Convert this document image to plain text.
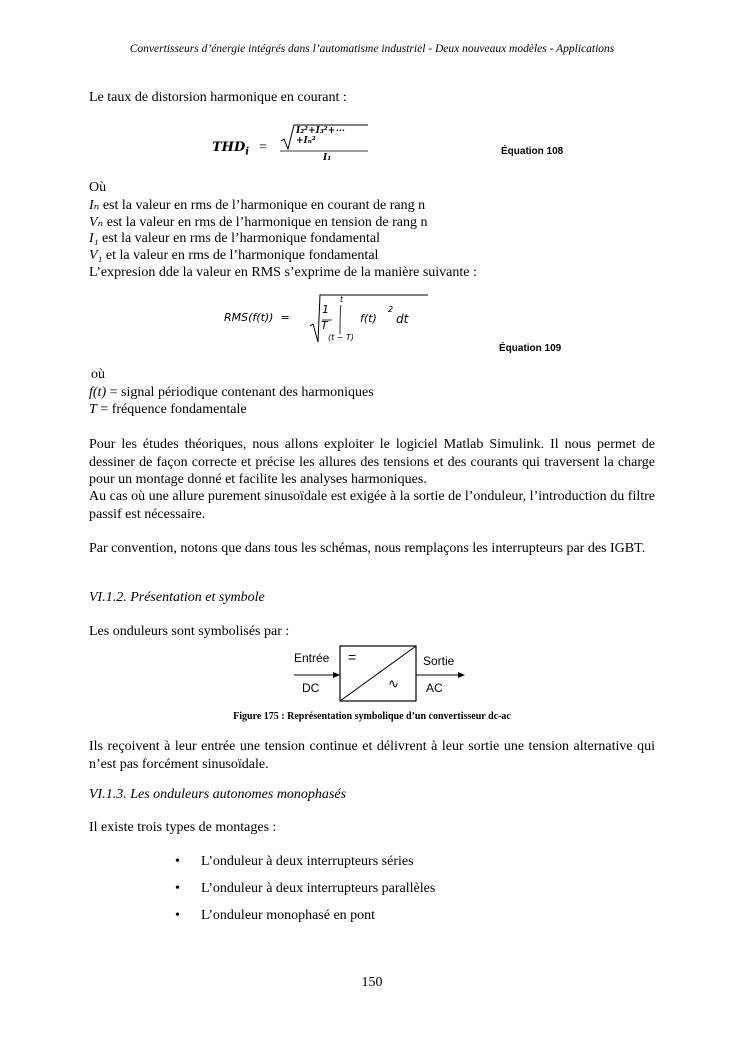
Convertisseurs d’énergie intégrés dans l’automatisme industriel - Deux nouveaux modèles - Applications
Le taux de distorsion harmonique en courant :
$THD_i$ =
I₂²+I₃²+⋯+Iₙ²
I₁
Équation 108
Où
Iₙ est la valeur en rms de l’harmonique en courant de rang n
Vₙ est la valeur en rms de l’harmonique en tension de rang n
I₁ est la valeur en rms de l’harmonique fondamental
V₁ et la valeur en rms de l’harmonique fondamental
L’expresion dde la valeur en RMS s’exprime de la manière suivante :
RMS(f(t))  =
1
T
t
(t − T)
f(t)
2
dt
Équation 109
où
f(t) = signal périodique contenant des harmoniques
T = fréquence fondamentale
Pour les études théoriques, nous allons exploiter le logiciel Matlab Simulink. Il nous permet de dessiner de façon correcte et précise les allures des tensions et des courants qui traversent la charge pour un montage donné et facilite les analyses harmoniques.
Au cas où une allure purement sinusoïdale est exigée à la sortie de l’onduleur, l’introduction du filtre passif est nécessaire.
Par convention, notons que dans tous les schémas, nous remplaçons les interrupteurs par des IGBT.
VI.1.2. Présentation et symbole
Les onduleurs sont symbolisés par :
Entrée
DC
Sortie
AC
=
∿
Figure 175 : Représentation symbolique d’un convertisseur dc-ac
Ils reçoivent à leur entrée une tension continue et délivrent à leur sortie une tension alternative qui n’est pas forcément sinusoïdale.
VI.1.3. Les onduleurs autonomes monophasés
Il existe trois types de montages :
• L’onduleur à deux interrupteurs séries
• L’onduleur à deux interrupteurs parallèles
• L’onduleur monophasé en pont
150
